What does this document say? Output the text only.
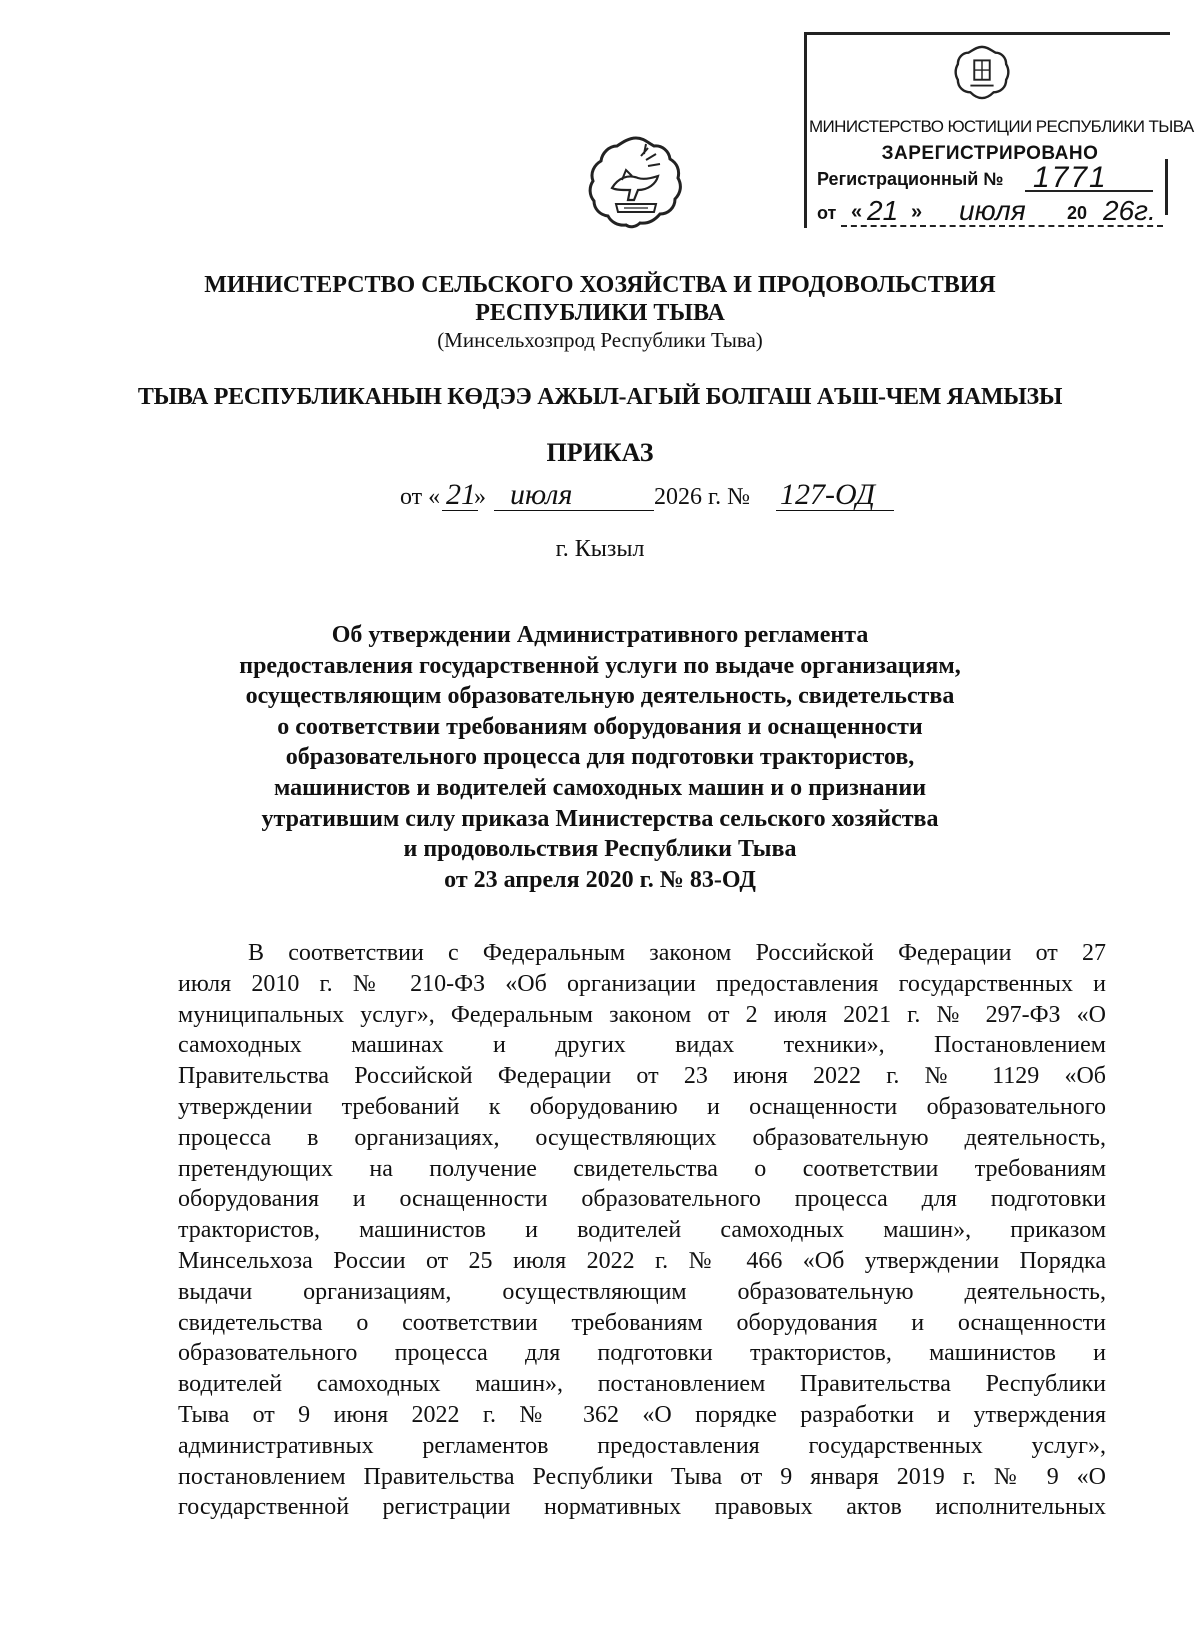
МИНИСТЕРСТВО ЮСТИЦИИ РЕСПУБЛИКИ ТЫВА
ЗАРЕГИСТРИРОВАНО
Регистрационный № 1771
от « 21 » июля 20 26г.
МИНИСТЕРСТВО СЕЛЬСКОГО ХОЗЯЙСТВА И ПРОДОВОЛЬСТВИЯ
РЕСПУБЛИКИ ТЫВА
(Минсельхозпрод Республики Тыва)
ТЫВА РЕСПУБЛИКАНЫН КӨДЭЭ АЖЫЛ-АГЫЙ БОЛГАШ АЪШ-ЧЕМ ЯАМЫЗЫ
ПРИКАЗ
от « 21
» июля	2026 г. № 127-ОД
г. Кызыл
Об утверждении Административного регламента
предоставления государственной услуги по выдаче организациям,
осуществляющим образовательную деятельность, свидетельства
о соответствии требованиям оборудования и оснащенности
образовательного процесса для подготовки трактористов,
машинистов и водителей самоходных машин и о признании
утратившим силу приказа Министерства сельского хозяйства
и продовольствия Республики Тыва
от 23 апреля 2020 г. № 83-ОД
В соответствии с Федеральным законом Российской Федерации от 27
июля 2010 г. № 210-ФЗ «Об организации предоставления государственных и
муниципальных услуг», Федеральным законом от 2 июля 2021 г. № 297-ФЗ «О
самоходных машинах и других видах техники», Постановлением
Правительства Российской Федерации от 23 июня 2022 г. № 1129 «Об
утверждении требований к оборудованию и оснащенности образовательного
процесса в организациях, осуществляющих образовательную деятельность,
претендующих на получение свидетельства о соответствии требованиям
оборудования и оснащенности образовательного процесса для подготовки
трактористов, машинистов и водителей самоходных машин», приказом
Минсельхоза России от 25 июля 2022 г. № 466 «Об утверждении Порядка
выдачи организациям, осуществляющим образовательную деятельность,
свидетельства о соответствии требованиям оборудования и оснащенности
образовательного процесса для подготовки трактористов, машинистов и
водителей самоходных машин», постановлением Правительства Республики
Тыва от 9 июня 2022 г. № 362 «О порядке разработки и утверждения
административных регламентов предоставления государственных услуг»,
постановлением Правительства Республики Тыва от 9 января 2019 г. № 9 «О
государственной регистрации нормативных правовых актов исполнительных
